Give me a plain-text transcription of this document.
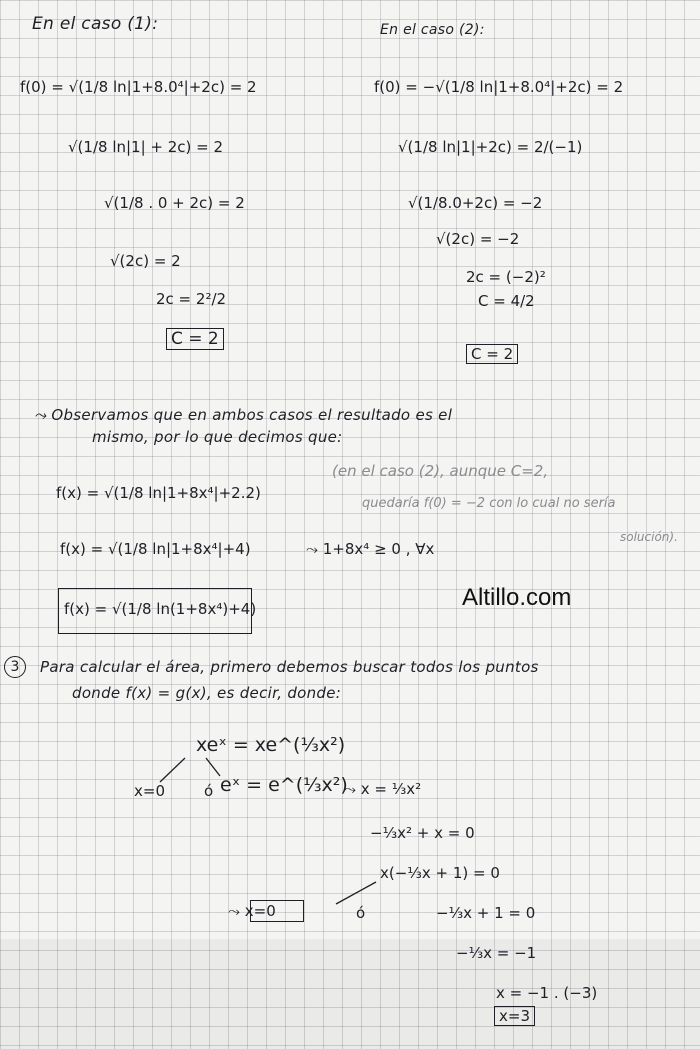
En el caso (1):
f(0) = √(1/8 ln|1+8.0⁴|+2c) = 2
√(1/8 ln|1| + 2c) = 2
√(1/8 . 0 + 2c) = 2
√(2c) = 2
2c = 2²/2
C = 2
En el caso (2):
f(0) = −√(1/8 ln|1+8.0⁴|+2c) = 2
√(1/8 ln|1|+2c) = 2/(−1)
√(1/8.0+2c) = −2
√(2c) = −2
2c = (−2)²
C = 4/2
C = 2
⤳ Observamos que en ambos casos el resultado es el
mismo, por lo que decimos que:
f(x) = √(1/8 ln|1+8x⁴|+2.2)
f(x) = √(1/8 ln|1+8x⁴|+4)	⤳ 1+8x⁴ ≥ 0 , ∀x
f(x) = √(1/8 ln(1+8x⁴)+4)
(en el caso (2), aunque C=2,
quedaría f(0) = −2 con lo cual no sería
solución).
Altillo.com
3	Para calcular el área, primero debemos buscar todos los puntos
donde f(x) = g(x), es decir, donde:
xeˣ = xe^(⅓x²)
x=0	ó eˣ = e^(⅓x²)
⤳ x = ⅓x²
−⅓x² + x = 0
x(−⅓x + 1) = 0
⤳ x=0	ó	−⅓x + 1 = 0
−⅓x = −1
x = −1 . (−3)
x=3
